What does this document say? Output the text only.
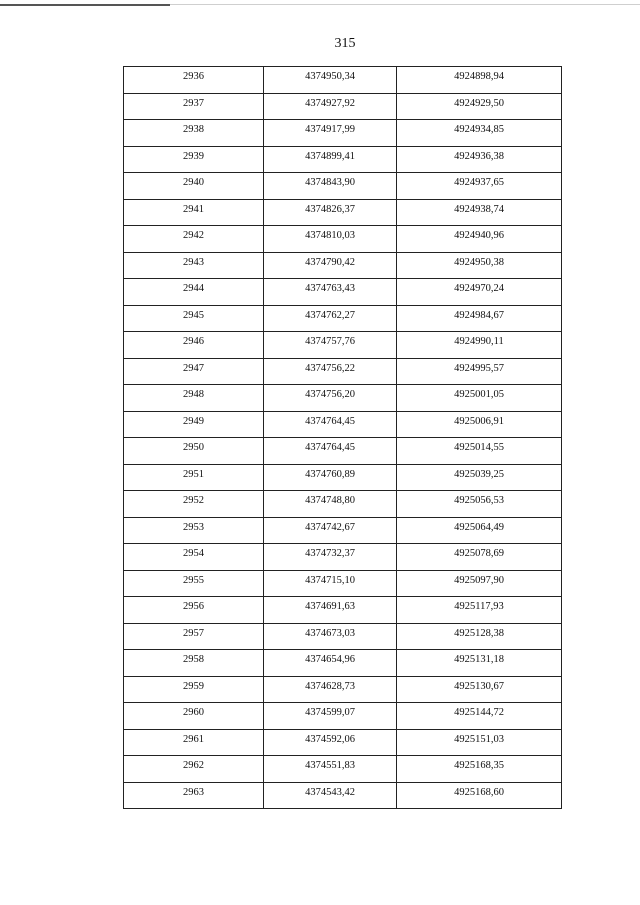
315
2936	4374950,34	4924898,94
2937	4374927,92	4924929,50
2938	4374917,99	4924934,85
2939	4374899,41	4924936,38
2940	4374843,90	4924937,65
2941	4374826,37	4924938,74
2942	4374810,03	4924940,96
2943	4374790,42	4924950,38
2944	4374763,43	4924970,24
2945	4374762,27	4924984,67
2946	4374757,76	4924990,11
2947	4374756,22	4924995,57
2948	4374756,20	4925001,05
2949	4374764,45	4925006,91
2950	4374764,45	4925014,55
2951	4374760,89	4925039,25
2952	4374748,80	4925056,53
2953	4374742,67	4925064,49
2954	4374732,37	4925078,69
2955	4374715,10	4925097,90
2956	4374691,63	4925117,93
2957	4374673,03	4925128,38
2958	4374654,96	4925131,18
2959	4374628,73	4925130,67
2960	4374599,07	4925144,72
2961	4374592,06	4925151,03
2962	4374551,83	4925168,35
2963	4374543,42	4925168,60
